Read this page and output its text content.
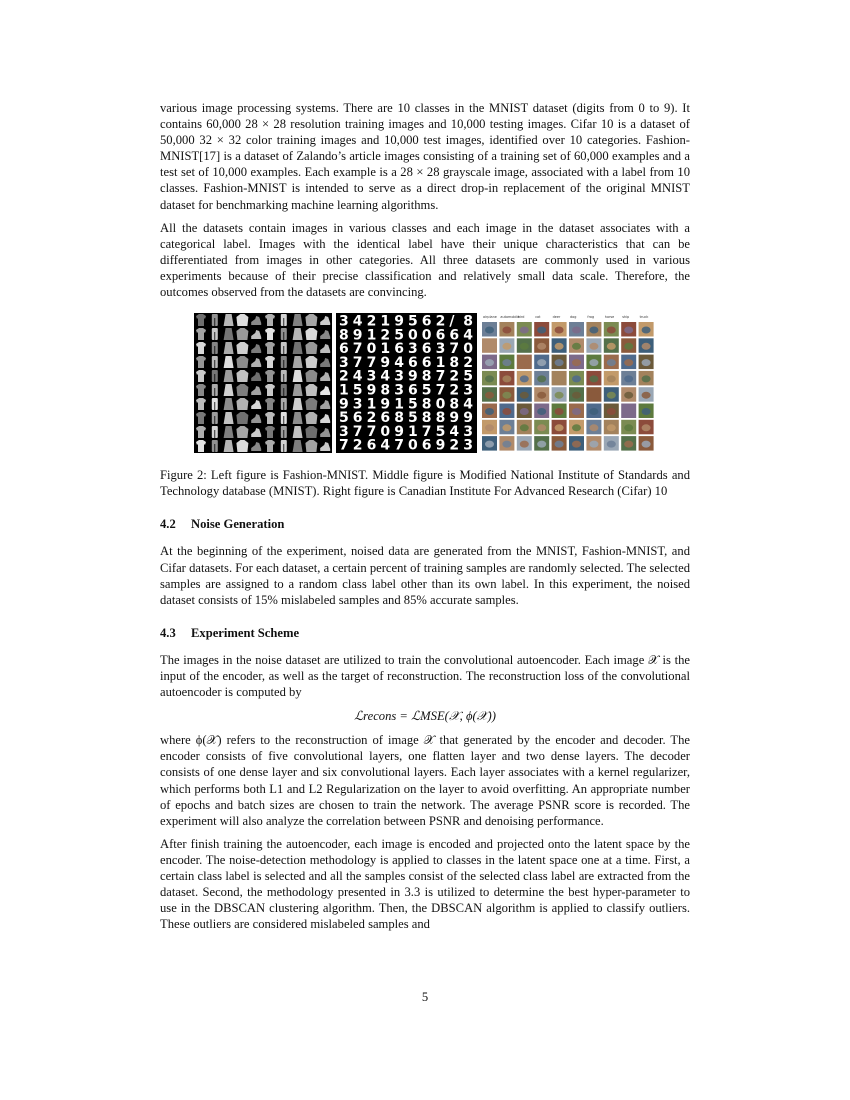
various image processing systems. There are 10 classes in the MNIST dataset (digits from 0 to 9). It contains 60,000 28 × 28 resolution training images and 10,000 testing images. Cifar 10 is a dataset of 50,000 32 × 32 color training images and 10,000 test images, identified over 10 categories. Fashion-MNIST[17] is a dataset of Zalando’s article images consisting of a training set of 60,000 examples and a test set of 10,000 examples. Each example is a 28 × 28 grayscale image, associated with a label from 10 classes. Fashion-MNIST is intended to serve as a direct drop-in replacement of the original MNIST dataset for benchmarking machine learning algorithms.

All the datasets contain images in various classes and each image in the dataset associates with a categorical label. Images with the identical label have their unique characteristics that can be differentiated from images in other categories. All three datasets are commonly used in various experiments because of their precise classification and relatively small data scale. Therefore, the outcomes observed from the datasets are convincing.

3 4 2 1 9 5 6 2 / 8
8 9 1 2 5 0 0 6 6 4
6 7 0 1 6 3 6 3 7 0
3 7 7 9 4 6 6 1 8 2
2 4 3 4 3 9 8 7 2 5
1 5 9 8 3 6 5 7 2 3
9 3 1 9 1 5 8 0 8 4
5 6 2 6 8 5 8 8 9 9
3 7 7 0 9 1 7 5 4 3
7 2 6 4 7 0 6 9 2 3
airplane automobile
bird	cat	deer	dog	frog	horse ship	truck

Figure 2: Left figure is Fashion-MNIST. Middle figure is Modified National Institute of Standards and Technology database (MNIST). Right figure is Canadian Institute For Advanced Research (Cifar) 10

4.2 Noise Generation

At the beginning of the experiment, noised data are generated from the MNIST, Fashion-MNIST, and Cifar datasets. For each dataset, a certain percent of training samples are randomly selected. The selected samples are assigned to a random class label other than its own label. In this experiment, the noised dataset consists of 15% mislabeled samples and 85% accurate samples.

4.3 Experiment Scheme

The images in the noise dataset are utilized to train the convolutional autoencoder. Each image 𝒳 is the input of the encoder, as well as the target of reconstruction. The reconstruction loss of the convolutional autoencoder is computed by

ℒrecons = ℒMSE(𝒳, ϕ(𝒳))

where ϕ(𝒳) refers to the reconstruction of image 𝒳 that generated by the encoder and decoder. The encoder consists of five convolutional layers, one flatten layer and two dense layers. The decoder consists of one dense layer and six convolutional layers. Each layer associates with a kernel regularizer, which performs both L1 and L2 Regularization on the layer to avoid overfitting. An appropriate number of epochs and batch sizes are chosen to train the network. The average PSNR score is recorded. The experiment will also analyze the correlation between PSNR and denoising performance.

After finish training the autoencoder, each image is encoded and projected onto the latent space by the encoder. The noise-detection methodology is applied to classes in the latent space one at a time. First, a certain class label is selected and all the samples consist of the selected class label are extracted from the dataset. Second, the methodology presented in 3.3 is utilized to determine the best hyper-parameter to use in the DBSCAN clustering algorithm. Then, the DBSCAN algorithm is applied to classify outliers. These outliers are considered mislabeled samples and

5
